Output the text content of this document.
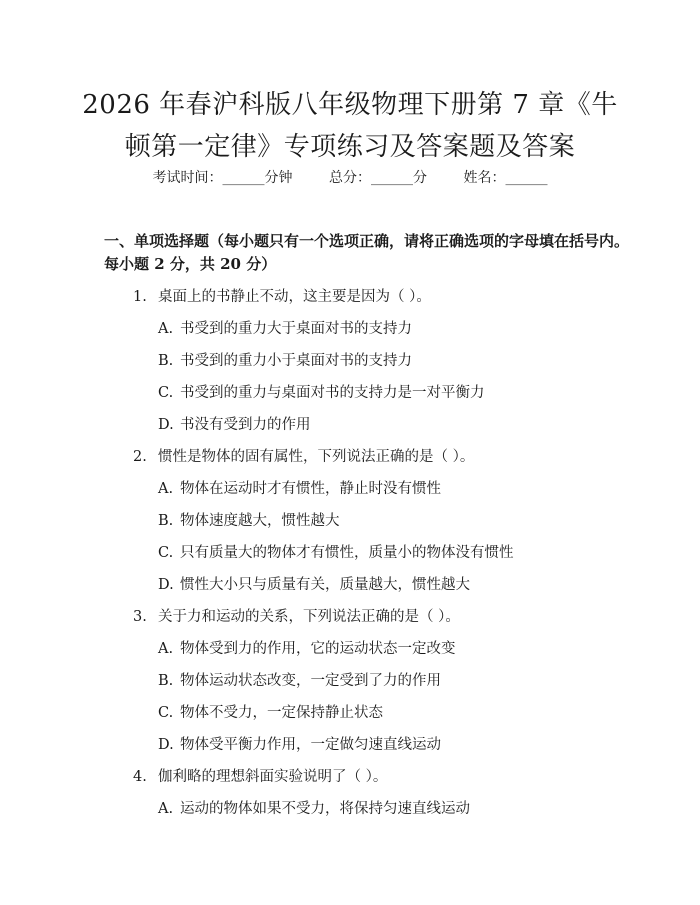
2026 年春沪科版八年级物理下册第 7 章《牛
顿第一定律》专项练习及答案题及答案
考试时间：______分钟	总分：______分	姓名：______
一、单项选择题（每小题只有一个选项正确，请将正确选项的字母填在括号内。
每小题 2 分，共 20 分）
1. 桌面上的书静止不动，这主要是因为（ ）。
A. 书受到的重力大于桌面对书的支持力
B. 书受到的重力小于桌面对书的支持力
C. 书受到的重力与桌面对书的支持力是一对平衡力
D. 书没有受到力的作用
2. 惯性是物体的固有属性，下列说法正确的是（ ）。
A. 物体在运动时才有惯性，静止时没有惯性
B. 物体速度越大，惯性越大
C. 只有质量大的物体才有惯性，质量小的物体没有惯性
D. 惯性大小只与质量有关，质量越大，惯性越大
3. 关于力和运动的关系，下列说法正确的是（ ）。
A. 物体受到力的作用，它的运动状态一定改变
B. 物体运动状态改变，一定受到了力的作用
C. 物体不受力，一定保持静止状态
D. 物体受平衡力作用，一定做匀速直线运动
4. 伽利略的理想斜面实验说明了（ ）。
A. 运动的物体如果不受力，将保持匀速直线运动
